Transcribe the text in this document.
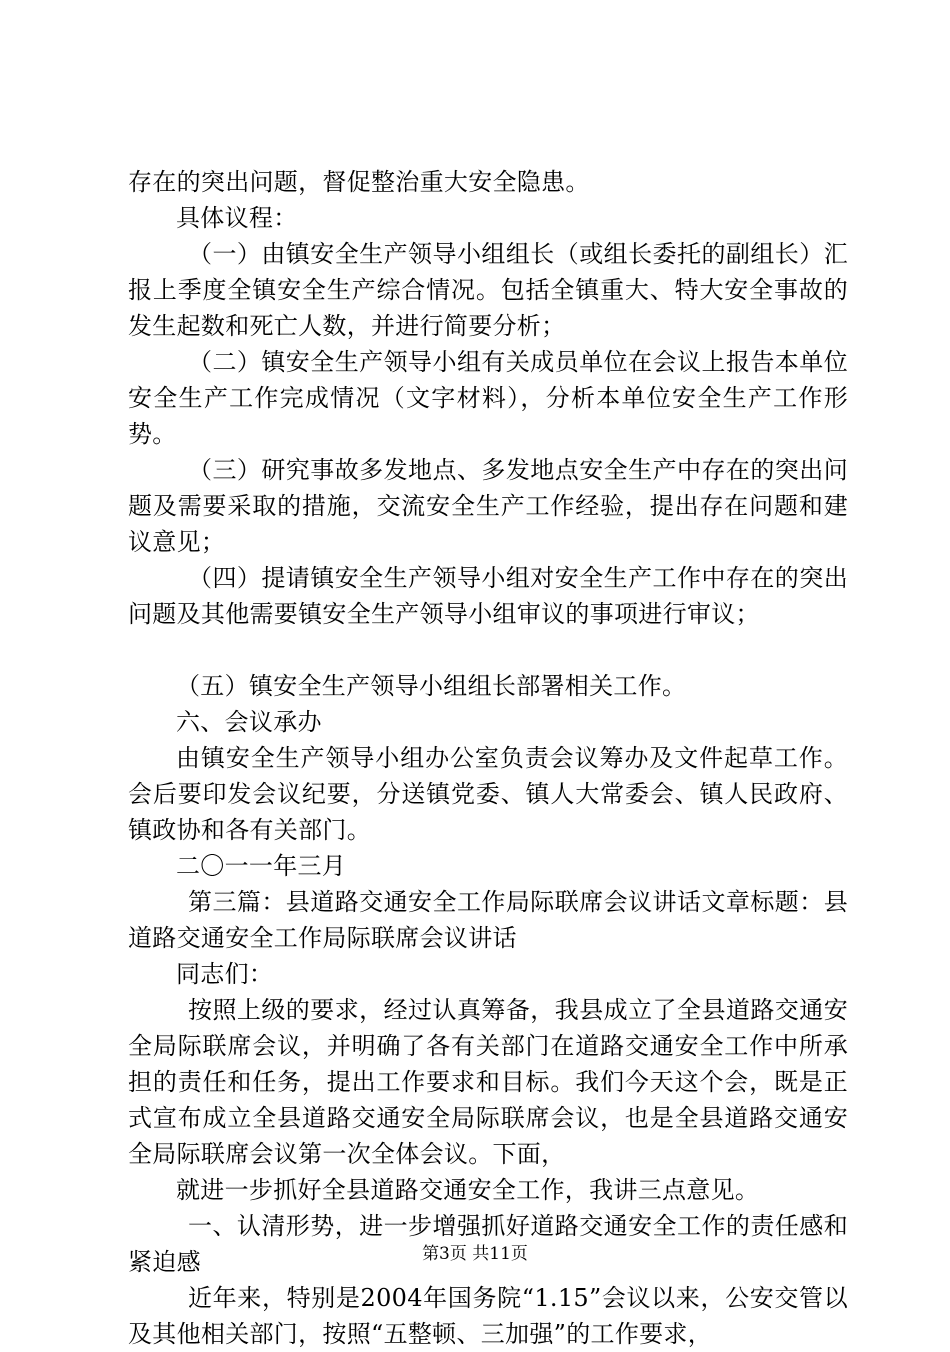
存在的突出问题，督促整治重大安全隐患。

具体议程：

（一）由镇安全生产领导小组组长（或组长委托的副组长）汇报上季度全镇安全生产综合情况。包括全镇重大、特大安全事故的发生起数和死亡人数，并进行简要分析；

（二）镇安全生产领导小组有关成员单位在会议上报告本单位安全生产工作完成情况（文字材料），分析本单位安全生产工作形势。

（三）研究事故多发地点、多发地点安全生产中存在的突出问题及需要采取的措施，交流安全生产工作经验，提出存在问题和建议意见；

（四）提请镇安全生产领导小组对安全生产工作中存在的突出问题及其他需要镇安全生产领导小组审议的事项进行审议；

（五）镇安全生产领导小组组长部署相关工作。

六、会议承办

由镇安全生产领导小组办公室负责会议筹办及文件起草工作。会后要印发会议纪要，分送镇党委、镇人大常委会、镇人民政府、镇政协和各有关部门。

二〇一一年三月

第三篇：县道路交通安全工作局际联席会议讲话文章标题：县道路交通安全工作局际联席会议讲话

同志们：

按照上级的要求，经过认真筹备，我县成立了全县道路交通安全局际联席会议，并明确了各有关部门在道路交通安全工作中所承担的责任和任务，提出工作要求和目标。我们今天这个会，既是正式宣布成立全县道路交通安全局际联席会议，也是全县道路交通安全局际联席会议第一次全体会议。下面，

就进一步抓好全县道路交通安全工作，我讲三点意见。

一、认清形势，进一步增强抓好道路交通安全工作的责任感和紧迫感

近年来，特别是2004年国务院“1.15”会议以来，公安交管以及其他相关部门，按照“五整顿、三加强”的工作要求，

第3页 共11页
